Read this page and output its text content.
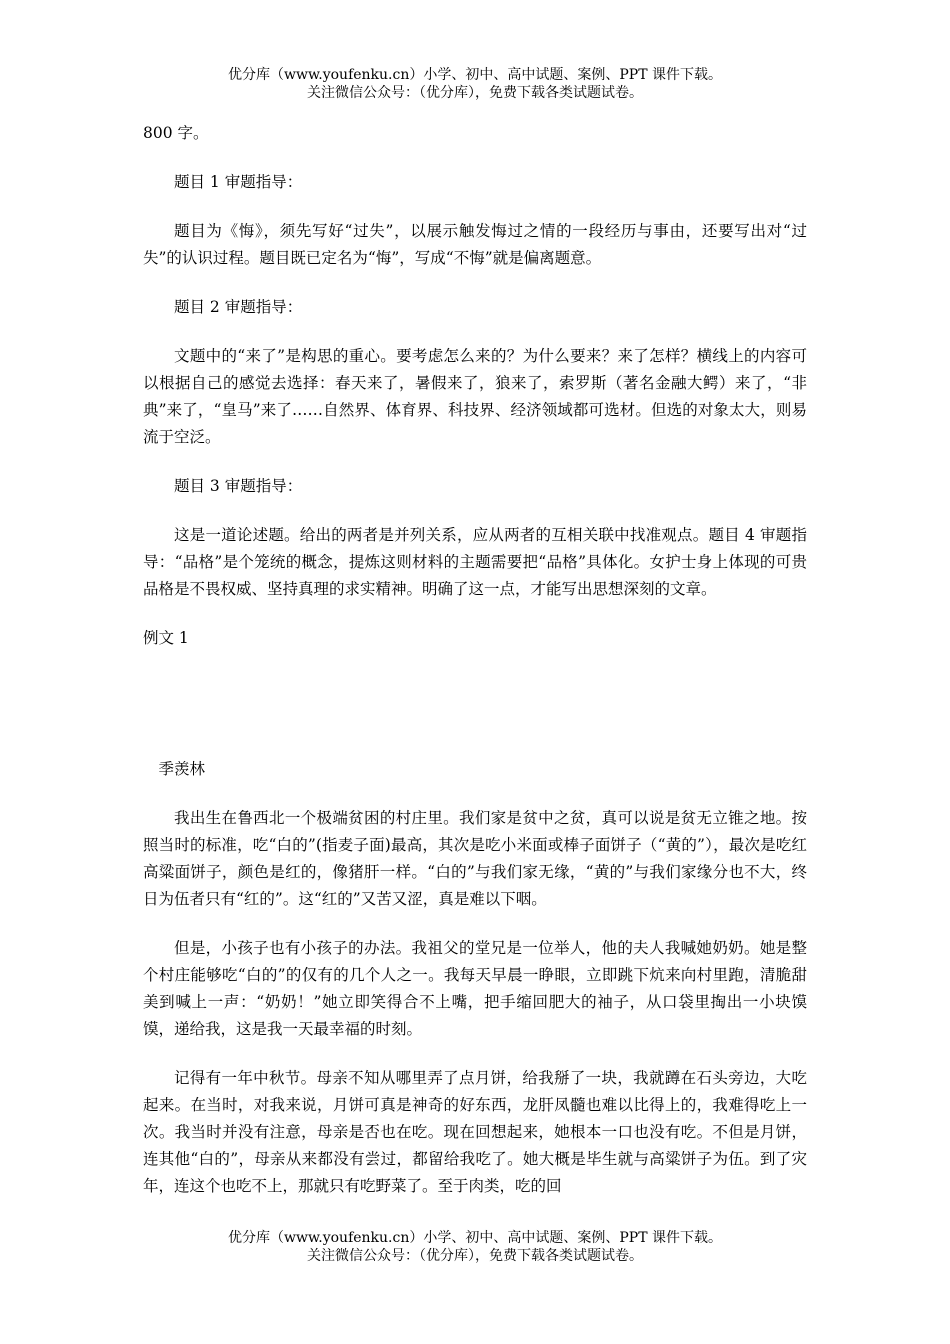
优分库（www.youfenku.cn）小学、初中、高中试题、案例、PPT 课件下载。
关注微信公众号：（优分库），免费下载各类试题试卷。

800 字。

题目 1 审题指导：

题目为《悔》，须先写好“过失”，以展示触发悔过之情的一段经历与事由，还要写出对“过失”的认识过程。题目既已定名为“悔”，写成“不悔”就是偏离题意。

题目 2 审题指导：

文题中的“来了”是构思的重心。要考虑怎么来的？为什么要来？来了怎样？横线上的内容可以根据自己的感觉去选择：春天来了，暑假来了，狼来了，索罗斯（著名金融大鳄）来了，“非典”来了，“皇马”来了……自然界、体育界、科技界、经济领域都可选材。但选的对象太大，则易流于空泛。

题目 3 审题指导：

这是一道论述题。给出的两者是并列关系，应从两者的互相关联中找准观点。题目 4 审题指导：“品格”是个笼统的概念，提炼这则材料的主题需要把“品格”具体化。女护士身上体现的可贵品格是不畏权威、坚持真理的求实精神。明确了这一点，才能写出思想深刻的文章。

例文 1

季羡林

我出生在鲁西北一个极端贫困的村庄里。我们家是贫中之贫，真可以说是贫无立锥之地。按照当时的标准，吃“白的”(指麦子面)最高，其次是吃小米面或棒子面饼子（“黄的”），最次是吃红高粱面饼子，颜色是红的，像猪肝一样。“白的”与我们家无缘，“黄的”与我们家缘分也不大，终日为伍者只有“红的”。这“红的”又苦又涩，真是难以下咽。

但是，小孩子也有小孩子的办法。我祖父的堂兄是一位举人，他的夫人我喊她奶奶。她是整个村庄能够吃“白的”的仅有的几个人之一。我每天早晨一睁眼，立即跳下炕来向村里跑，清脆甜美到喊上一声：“奶奶！”她立即笑得合不上嘴，把手缩回肥大的袖子，从口袋里掏出一小块馍馍，递给我，这是我一天最幸福的时刻。

记得有一年中秋节。母亲不知从哪里弄了点月饼，给我掰了一块，我就蹲在石头旁边，大吃起来。在当时，对我来说，月饼可真是神奇的好东西，龙肝凤髓也难以比得上的，我难得吃上一次。我当时并没有注意，母亲是否也在吃。现在回想起来，她根本一口也没有吃。不但是月饼，连其他“白的”，母亲从来都没有尝过，都留给我吃了。她大概是毕生就与高粱饼子为伍。到了灾年，连这个也吃不上，那就只有吃野菜了。至于肉类，吃的回

优分库（www.youfenku.cn）小学、初中、高中试题、案例、PPT 课件下载。
关注微信公众号：（优分库），免费下载各类试题试卷。
